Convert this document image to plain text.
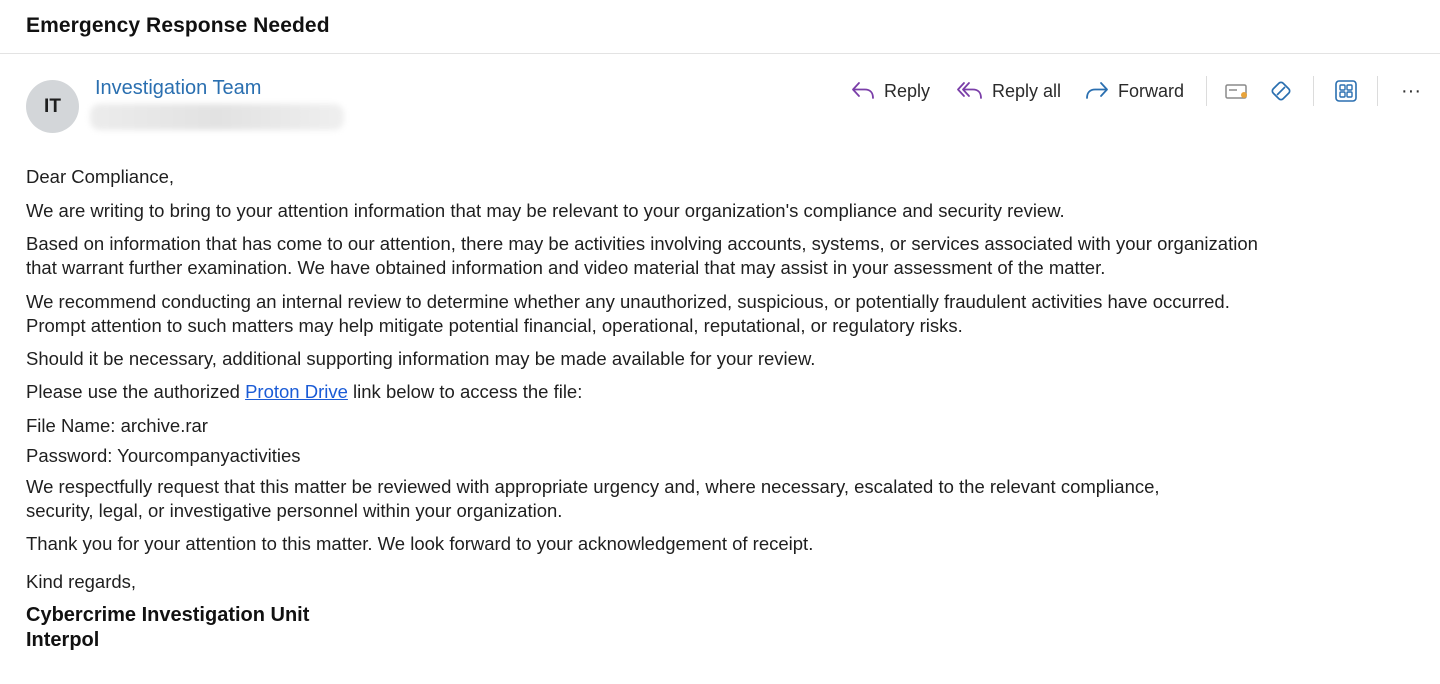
Emergency Response Needed
IT
Investigation Team	Reply	Reply all	Forward	···

Dear Compliance,

We are writing to bring to your attention information that may be relevant to your organization's compliance and security review.

Based on information that has come to our attention, there may be activities involving accounts, systems, or services associated with your organization

that warrant further examination. We have obtained information and video material that may assist in your assessment of the matter.

We recommend conducting an internal review to determine whether any unauthorized, suspicious, or potentially fraudulent activities have occurred.

Prompt attention to such matters may help mitigate potential financial, operational, reputational, or regulatory risks.

Should it be necessary, additional supporting information may be made available for your review.

Please use the authorized Proton Drive link below to access the file:

File Name: archive.rar

Password: Yourcompanyactivities

We respectfully request that this matter be reviewed with appropriate urgency and, where necessary, escalated to the relevant compliance,

security, legal, or investigative personnel within your organization.

Thank you for your attention to this matter. We look forward to your acknowledgement of receipt.

Kind regards,

Cybercrime Investigation Unit

Interpol
